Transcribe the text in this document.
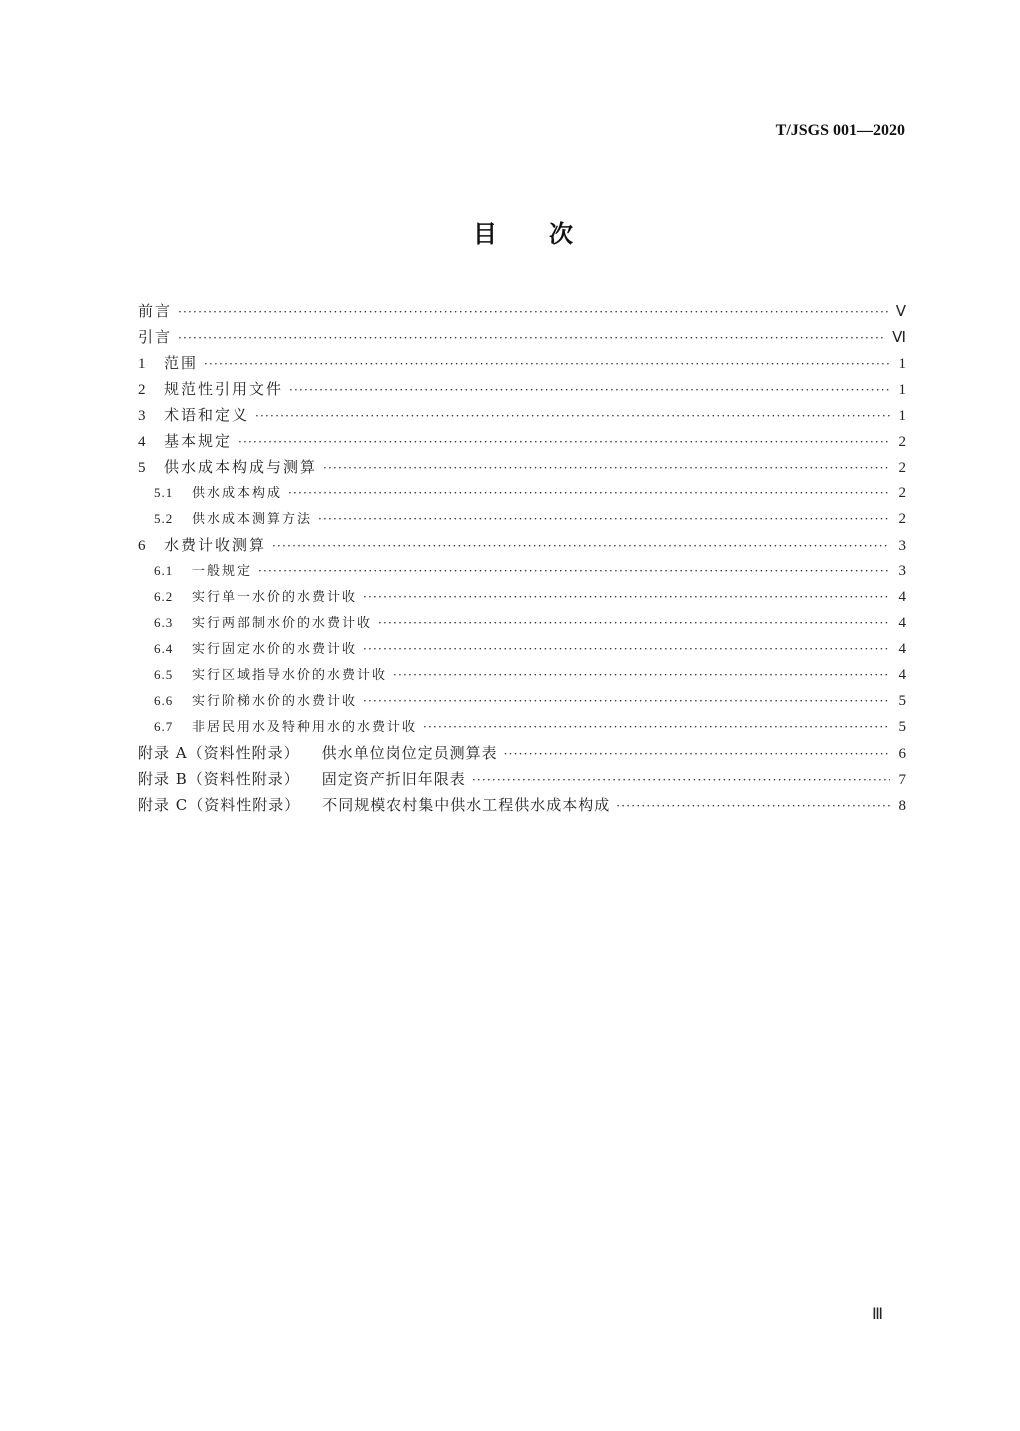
T/JSGS 001—2020
目 次
前言 ·····	Ⅴ
引言 ·····	Ⅵ
1	范围 ·····	1
2	规范性引用文件 ·····	1
3	术语和定义 ·····	1
4	基本规定 ·····	2
5	供水成本构成与测算 ·····	2
5.1	供水成本构成 ·····	2
5.2	供水成本测算方法 ·····	2
6	水费计收测算 ·····	3
6.1	一般规定 ·····	3
6.2	实行单一水价的水费计收 ·····	4
6.3	实行两部制水价的水费计收 ·····	4
6.4	实行固定水价的水费计收 ·····	4
6.5	实行区域指导水价的水费计收 ·····	4
6.6	实行阶梯水价的水费计收 ·····	5
6.7	非居民用水及特种用水的水费计收 ·····	5
附录 A（资料性附录） 供水单位岗位定员测算表 ·····	6
附录 B（资料性附录） 固定资产折旧年限表 ·····	7
附录 C（资料性附录） 不同规模农村集中供水工程供水成本构成 ·····	8
Ⅲ
